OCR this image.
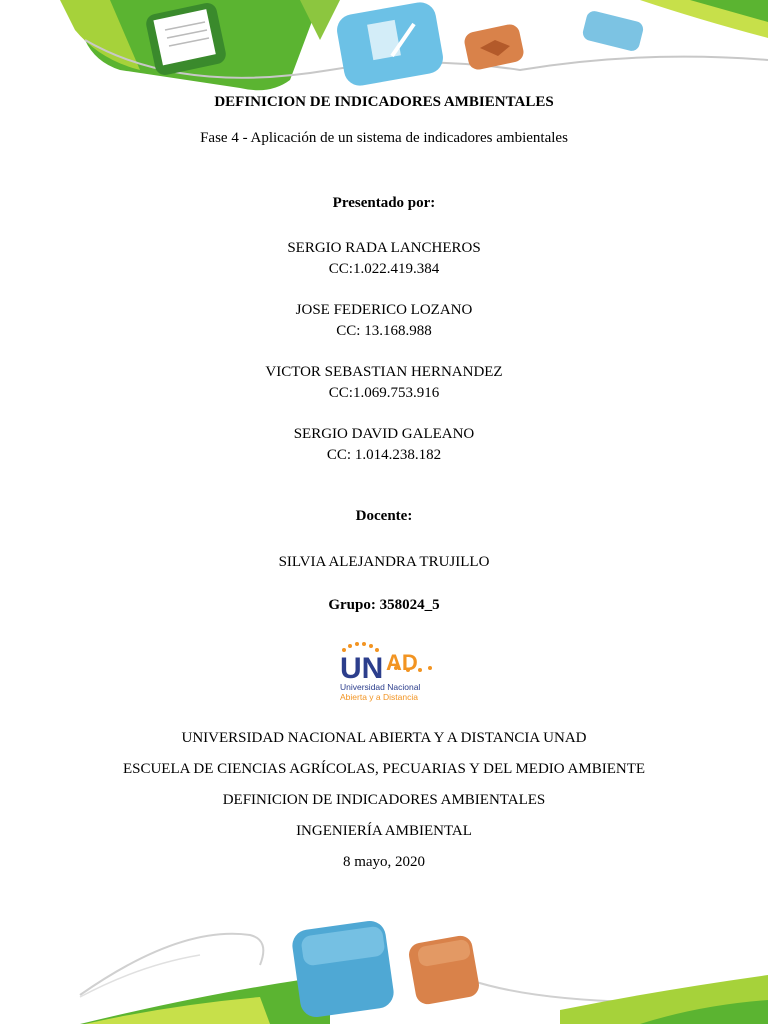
DEFINICION DE INDICADORES AMBIENTALES
Fase 4 - Aplicación de un sistema de indicadores ambientales
Presentado por:
SERGIO RADA LANCHEROS
CC:1.022.419.384
JOSE FEDERICO LOZANO
CC: 13.168.988
VICTOR SEBASTIAN HERNANDEZ
CC:1.069.753.916
SERGIO DAVID GALEANO
CC: 1.014.238.182
Docente:
SILVIA ALEJANDRA TRUJILLO
Grupo: 358024_5
UN AD
Universidad Nacional
Abierta y a Distancia
UNIVERSIDAD NACIONAL ABIERTA Y A DISTANCIA UNAD
ESCUELA DE CIENCIAS AGRÍCOLAS, PECUARIAS Y DEL MEDIO AMBIENTE
DEFINICION DE INDICADORES AMBIENTALES
INGENIERÍA AMBIENTAL
8 mayo, 2020
